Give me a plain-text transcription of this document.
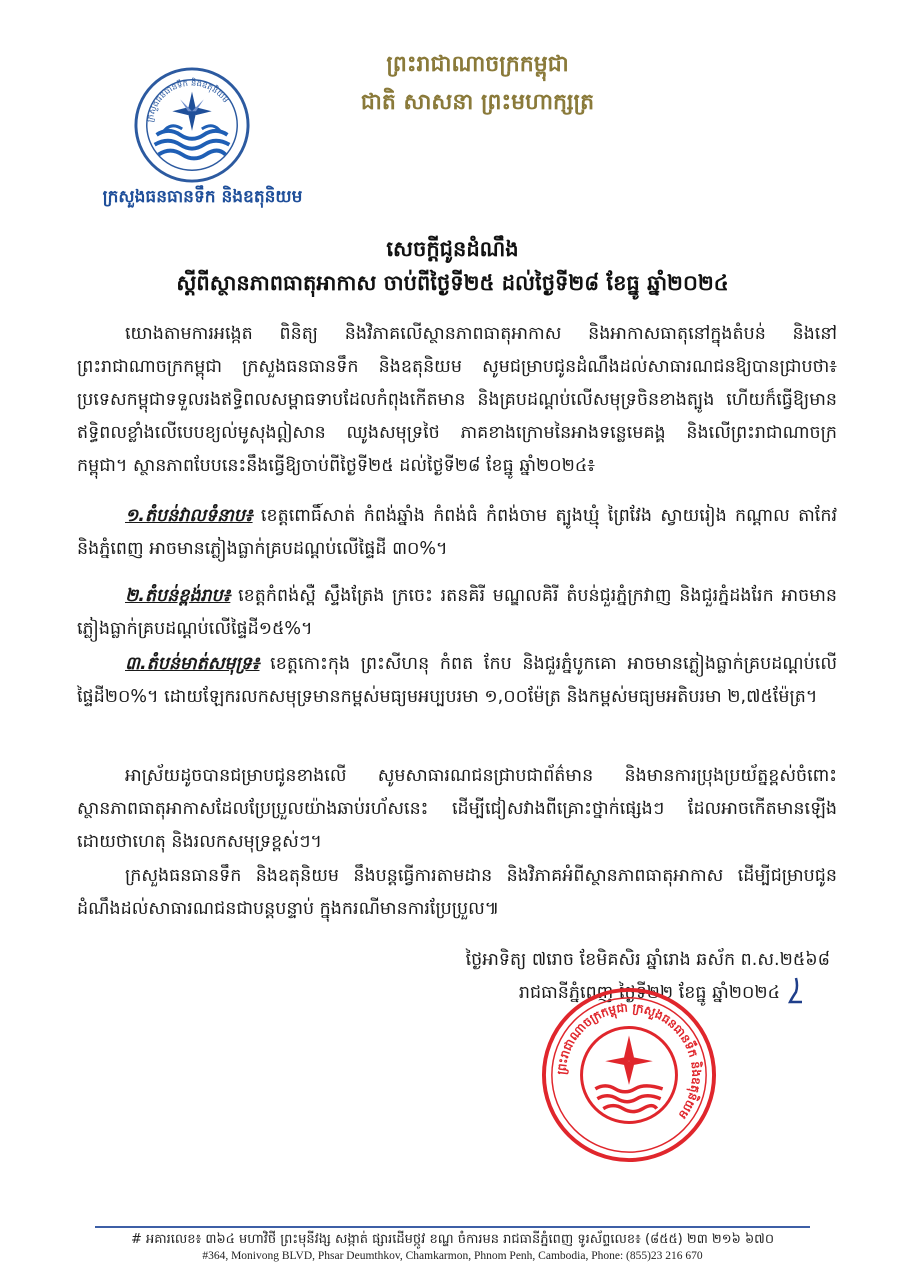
ក្រសួងធនធានទឹក និងឧតុនិយម
ក្រសួងធនធានទឹក និងឧតុនិយម
ព្រះរាជាណាចក្រកម្ពុជា
ជាតិ សាសនា ព្រះមហាក្សត្រ
សេចក្តីជូនដំណឹង
ស្តីពីស្ថានភាពធាតុអាកាស ចាប់ពីថ្ងៃទី២៥ ដល់ថ្ងៃទី២៨ ខែធ្នូ ឆ្នាំ២០២៤
យោងតាមការអង្កេត ពិនិត្យ និងវិភាគលើស្ថានភាពធាតុអាកាស និងអាកាសធាតុនៅក្នុងតំបន់ និងនៅព្រះរាជាណាចក្រកម្ពុជា ក្រសួងធនធានទឹក និងឧតុនិយម សូមជម្រាបជូនដំណឹងដល់សាធារណជនឱ្យបានជ្រាបថា៖ ប្រទេសកម្ពុជាទទួលរងឥទ្ធិពលសម្ពាធទាបដែលកំពុងកើតមាន និងគ្របដណ្តប់លើសមុទ្រចិនខាងត្បូង ហើយក៏ធ្វើឱ្យមានឥទ្ធិពលខ្លាំងលើបេបខ្យល់មូសុងឦសាន ឈូងសមុទ្រថៃ ភាគខាងក្រោមនៃអាងទន្លេមេគង្គ និងលើព្រះរាជាណាចក្រកម្ពុជា។ ស្ថានភាពបែបនេះនឹងធ្វើឱ្យចាប់ពីថ្ងៃទី២៥ ដល់ថ្ងៃទី២៨ ខែធ្នូ ឆ្នាំ២០២៤៖
១.តំបន់វាលទំនាប៖ ខេត្តពោធិ៍សាត់ កំពង់ឆ្នាំង កំពង់ធំ កំពង់ចាម ត្បូងឃ្មុំ ព្រៃវែង ស្វាយរៀង កណ្តាល តាកែវ និងភ្នំពេញ អាចមានភ្លៀងធ្លាក់គ្របដណ្តប់លើផ្ទៃដី ៣០%។
២.តំបន់ខ្ពង់រាប៖ ខេត្តកំពង់ស្ពឺ ស្ទឹងត្រែង ក្រចេះ រតនគិរី មណ្ឌលគិរី តំបន់ជួរភ្នំក្រវាញ និងជួរភ្នំដងរែក អាចមានភ្លៀងធ្លាក់គ្របដណ្តប់លើផ្ទៃដី១៥%។
៣.តំបន់មាត់សមុទ្រ៖ ខេត្តកោះកុង ព្រះសីហនុ កំពត កែប និងជួរភ្នំបូកគោ អាចមានភ្លៀងធ្លាក់គ្របដណ្តប់លើផ្ទៃដី២០%។ ដោយឡែករលកសមុទ្រមានកម្ពស់មធ្យមអប្បបរមា ១,០០ម៉ែត្រ និងកម្ពស់មធ្យមអតិបរមា ២,៧៥ម៉ែត្រ។
អាស្រ័យដូចបានជម្រាបជូនខាងលើ សូមសាធារណជនជ្រាបជាព័ត៌មាន និងមានការប្រុងប្រយ័ត្នខ្ពស់ចំពោះស្ថានភាពធាតុអាកាសដែលប្រែប្រួលយ៉ាងឆាប់រហ័សនេះ ដើម្បីជៀសវាងពីគ្រោះថ្នាក់ផ្សេងៗ ដែលអាចកើតមានឡើងដោយថាហេតុ និងរលកសមុទ្រខ្ពស់ៗ។
ក្រសួងធនធានទឹក និងឧតុនិយម នឹងបន្តធ្វើការតាមដាន និងវិភាគអំពីស្ថានភាពធាតុអាកាស ដើម្បីជម្រាបជូនដំណឹងដល់សាធារណជនជាបន្តបន្ទាប់ ក្នុងករណីមានការប្រែប្រួល៕
ថ្ងៃអាទិត្យ ៧រោច ខែមិគសិរ ឆ្នាំរោង ឆស័ក ព.ស.២៥៦៨
រាជធានីភ្នំពេញ ថ្ងៃទី២២ ខែធ្នូ ឆ្នាំ២០២៤
ព្រះរាជាណាចក្រកម្ពុជា ក្រសួងធនធានទឹក និងឧតុនិយម
# អគារលេខ៖ ៣៦៤ មហាវិថី ព្រះមុនីវង្ស សង្កាត់ ផ្សារដើមថ្កូវ ខណ្ឌ ចំការមន រាជធានីភ្នំពេញ ទូរស័ព្ទលេខ៖ (៨៥៥) ២៣ ២១៦ ៦៧០
#364, Monivong BLVD, Phsar Deumthkov, Chamkarmon, Phnom Penh, Cambodia, Phone: (855)23 216 670
